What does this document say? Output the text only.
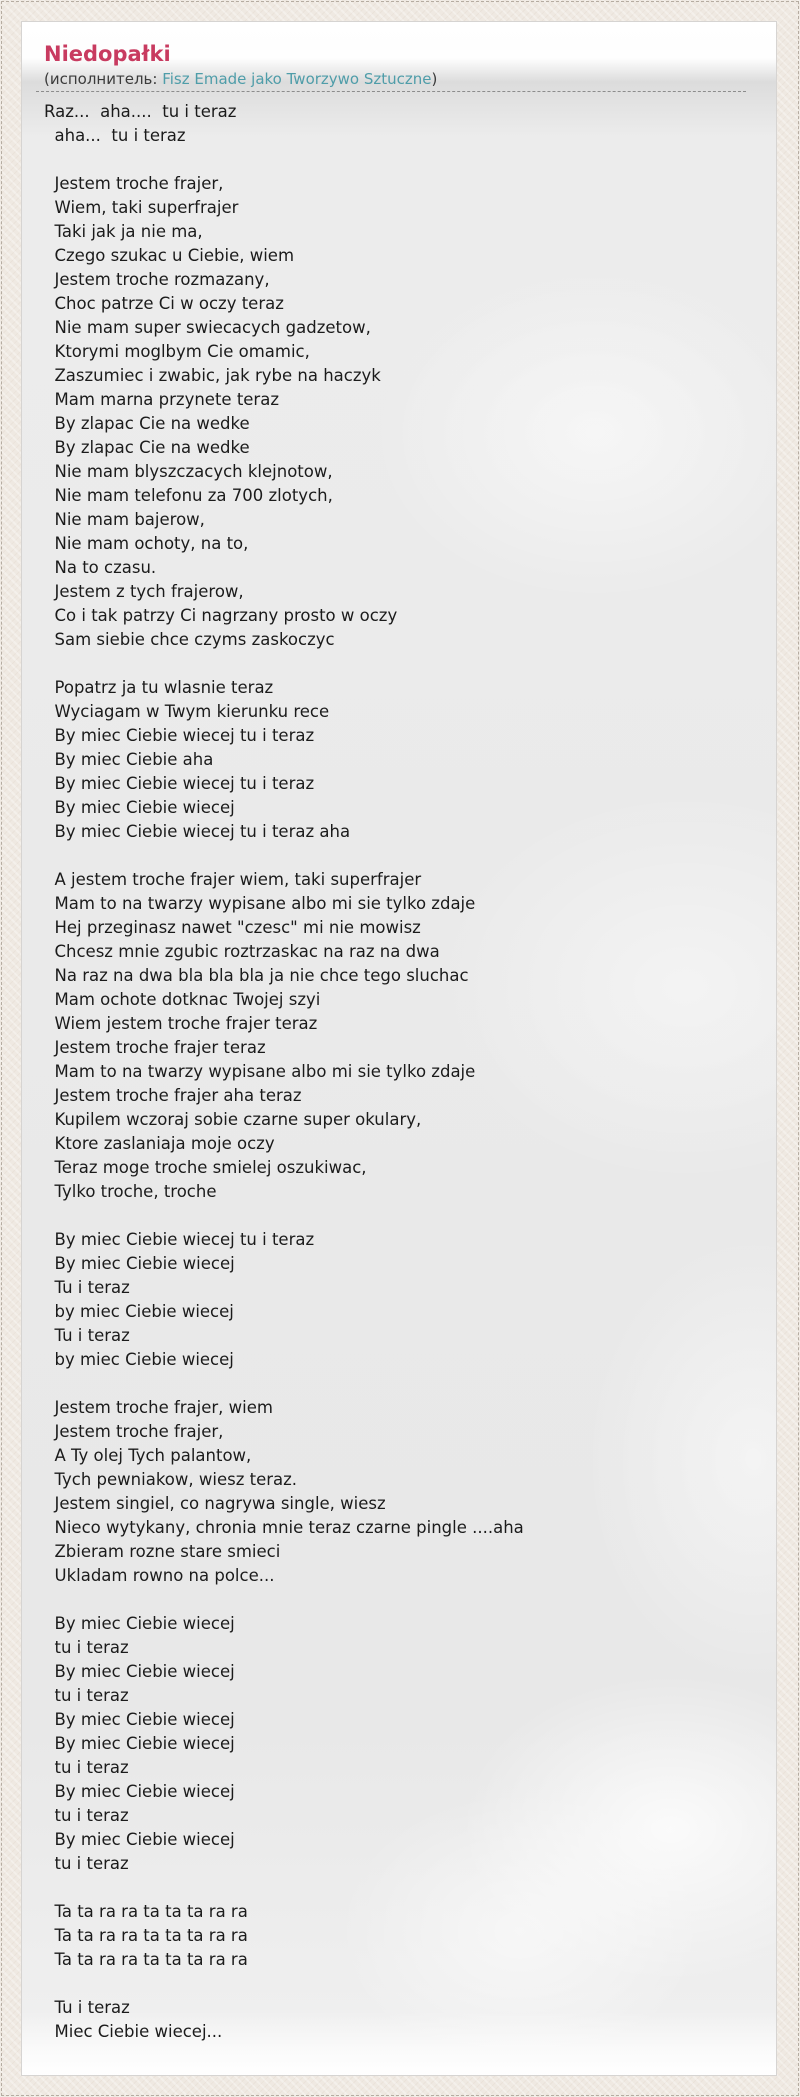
Niedopałki
(исполнитель: Fisz Emade jako Tworzywo Sztuczne)
Raz...  aha....  tu i teraz
aha...  tu i teraz
Jestem troche frajer,
Wiem, taki superfrajer
Taki jak ja nie ma,
Czego szukac u Ciebie, wiem
Jestem troche rozmazany,
Choc patrze Ci w oczy teraz
Nie mam super swiecacych gadzetow,
Ktorymi moglbym Cie omamic,
Zaszumiec i zwabic, jak rybe na haczyk
Mam marna przynete teraz
By zlapac Cie na wedke
By zlapac Cie na wedke
Nie mam blyszczacych klejnotow,
Nie mam telefonu za 700 zlotych,
Nie mam bajerow,
Nie mam ochoty, na to,
Na to czasu.
Jestem z tych frajerow,
Co i tak patrzy Ci nagrzany prosto w oczy
Sam siebie chce czyms zaskoczyc
Popatrz ja tu wlasnie teraz
Wyciagam w Twym kierunku rece
By miec Ciebie wiecej tu i teraz
By miec Ciebie aha
By miec Ciebie wiecej tu i teraz
By miec Ciebie wiecej
By miec Ciebie wiecej tu i teraz aha
A jestem troche frajer wiem, taki superfrajer
Mam to na twarzy wypisane albo mi sie tylko zdaje
Hej przeginasz nawet "czesc" mi nie mowisz
Chcesz mnie zgubic roztrzaskac na raz na dwa
Na raz na dwa bla bla bla ja nie chce tego sluchac
Mam ochote dotknac Twojej szyi
Wiem jestem troche frajer teraz
Jestem troche frajer teraz
Mam to na twarzy wypisane albo mi sie tylko zdaje
Jestem troche frajer aha teraz
Kupilem wczoraj sobie czarne super okulary,
Ktore zaslaniaja moje oczy
Teraz moge troche smielej oszukiwac,
Tylko troche, troche
By miec Ciebie wiecej tu i teraz
By miec Ciebie wiecej
Tu i teraz
by miec Ciebie wiecej
Tu i teraz
by miec Ciebie wiecej
Jestem troche frajer, wiem
Jestem troche frajer,
A Ty olej Tych palantow,
Tych pewniakow, wiesz teraz.
Jestem singiel, co nagrywa single, wiesz
Nieco wytykany, chronia mnie teraz czarne pingle ....aha
Zbieram rozne stare smieci
Ukladam rowno na polce...
By miec Ciebie wiecej
tu i teraz
By miec Ciebie wiecej
tu i teraz
By miec Ciebie wiecej
By miec Ciebie wiecej
tu i teraz
By miec Ciebie wiecej
tu i teraz
By miec Ciebie wiecej
tu i teraz
Ta ta ra ra ta ta ta ra ra
Ta ta ra ra ta ta ta ra ra
Ta ta ra ra ta ta ta ra ra
Tu i teraz
Miec Ciebie wiecej...
